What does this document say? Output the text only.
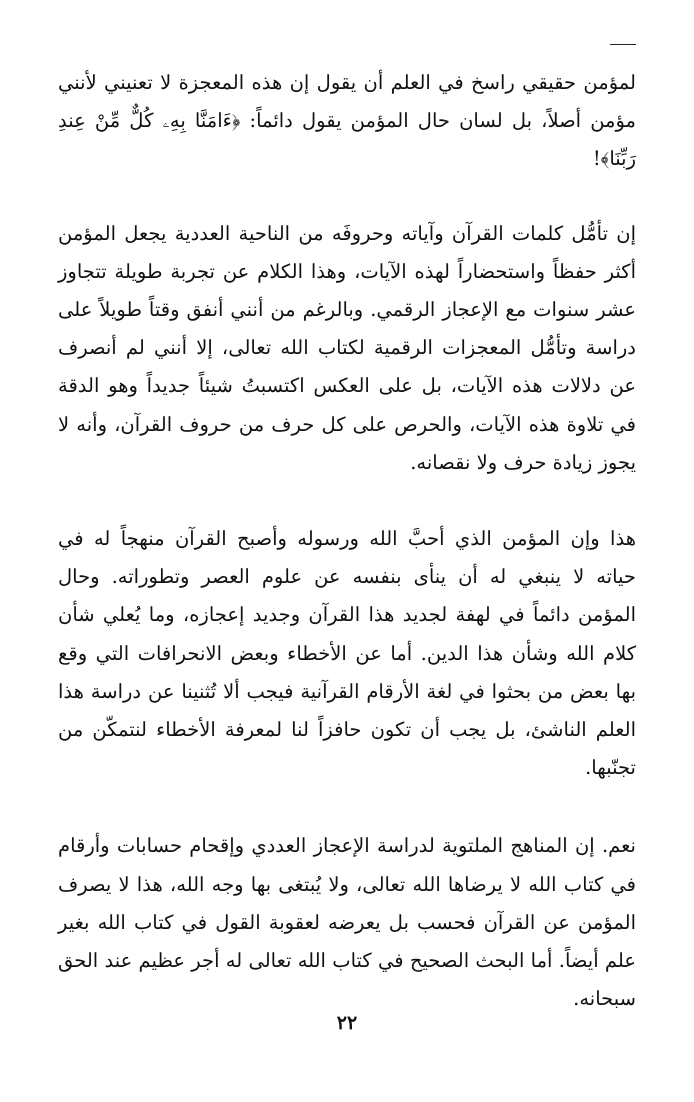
لمؤمن حقيقي راسخ في العلم أن يقول إن هذه المعجزة لا تعنيني لأنني مؤمن أصلاً، بل لسان حال المؤمن يقول دائماً: ﴿ءَامَنَّا بِهِۦ كُلٌّ مِّنْ عِندِ رَبِّنَا﴾!

إن تأمُّل كلمات القرآن وآياته وحروفَه من الناحية العددية يجعل المؤمن أكثر حفظاً واستحضاراً لهذه الآيات، وهذا الكلام عن تجربة طويلة تتجاوز عشر سنوات مع الإعجاز الرقمي. وبالرغم من أنني أنفق وقتاً طويلاً على دراسة وتأمُّل المعجزات الرقمية لكتاب الله تعالى، إلا أنني لم أنصرف عن دلالات هذه الآيات، بل على العكس اكتسبتُ شيئاً جديداً وهو الدقة في تلاوة هذه الآيات، والحرص على كل حرف من حروف القرآن، وأنه لا يجوز زيادة حرف ولا نقصانه.

هذا وإن المؤمن الذي أحبَّ الله ورسوله وأصبح القرآن منهجاً له في حياته لا ينبغي له أن ينأى بنفسه عن علوم العصر وتطوراته. وحال المؤمن دائماً في لهفة لجديد هذا القرآن وجديد إعجازه، وما يُعلي شأن كلام الله وشأن هذا الدين. أما عن الأخطاء وبعض الانحرافات التي وقع بها بعض من بحثوا في لغة الأرقام القرآنية فيجب ألا تُثنينا عن دراسة هذا العلم الناشئ، بل يجب أن تكون حافزاً لنا لمعرفة الأخطاء لنتمكّن من تجنّبها.

نعم. إن المناهج الملتوية لدراسة الإعجاز العددي وإقحام حسابات وأرقام في كتاب الله لا يرضاها الله تعالى، ولا يُبتغى بها وجه الله، هذا لا يصرف المؤمن عن القرآن فحسب بل يعرضه لعقوبة القول في كتاب الله بغير علم أيضاً. أما البحث الصحيح في كتاب الله تعالى له أجر عظيم عند الحق سبحانه.

٢٢
